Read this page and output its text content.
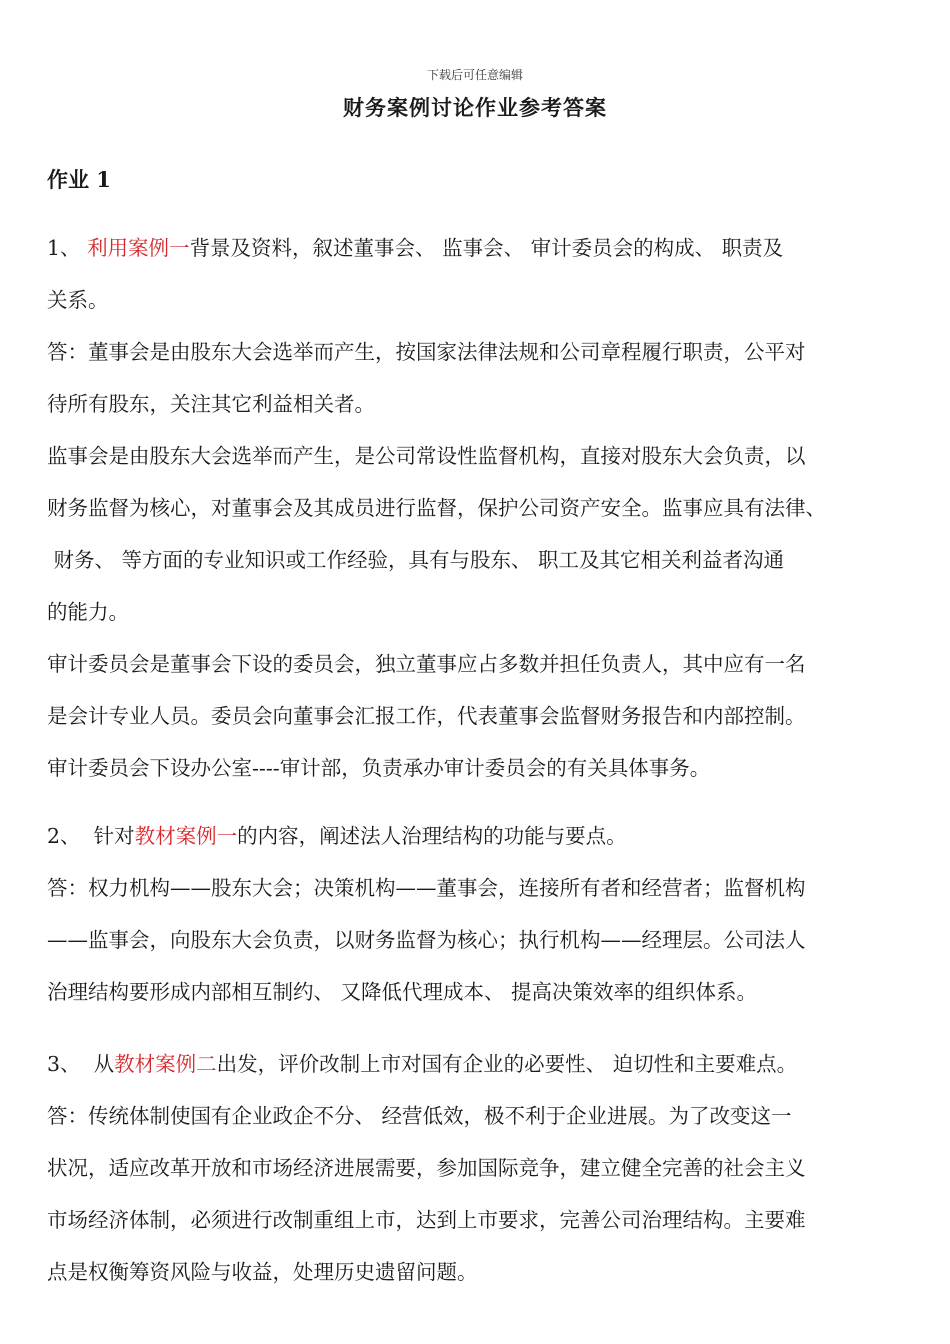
下载后可任意编辑
财务案例讨论作业参考答案
作业 1
1、 利用案例一背景及资料，叙述董事会、 监事会、 审计委员会的构成、 职责及
关系。
答：董事会是由股东大会选举而产生，按国家法律法规和公司章程履行职责，公平对
待所有股东，关注其它利益相关者。
监事会是由股东大会选举而产生，是公司常设性监督机构，直接对股东大会负责，以
财务监督为核心，对董事会及其成员进行监督，保护公司资产安全。监事应具有法律、
财务、 等方面的专业知识或工作经验，具有与股东、 职工及其它相关利益者沟通
的能力。
审计委员会是董事会下设的委员会，独立董事应占多数并担任负责人，其中应有一名
是会计专业人员。委员会向董事会汇报工作，代表董事会监督财务报告和内部控制。
审计委员会下设办公室----审计部，负责承办审计委员会的有关具体事务。
2、  针对教材案例一的内容，阐述法人治理结构的功能与要点。
答：权力机构——股东大会；决策机构——董事会，连接所有者和经营者；监督机构
——监事会，向股东大会负责，以财务监督为核心；执行机构——经理层。公司法人
治理结构要形成内部相互制约、 又降低代理成本、 提高决策效率的组织体系。
3、  从教材案例二出发，评价改制上市对国有企业的必要性、 迫切性和主要难点。
答：传统体制使国有企业政企不分、 经营低效，极不利于企业进展。为了改变这一
状况，适应改革开放和市场经济进展需要，参加国际竞争，建立健全完善的社会主义
市场经济体制，必须进行改制重组上市，达到上市要求，完善公司治理结构。主要难
点是权衡筹资风险与收益，处理历史遗留问题。
